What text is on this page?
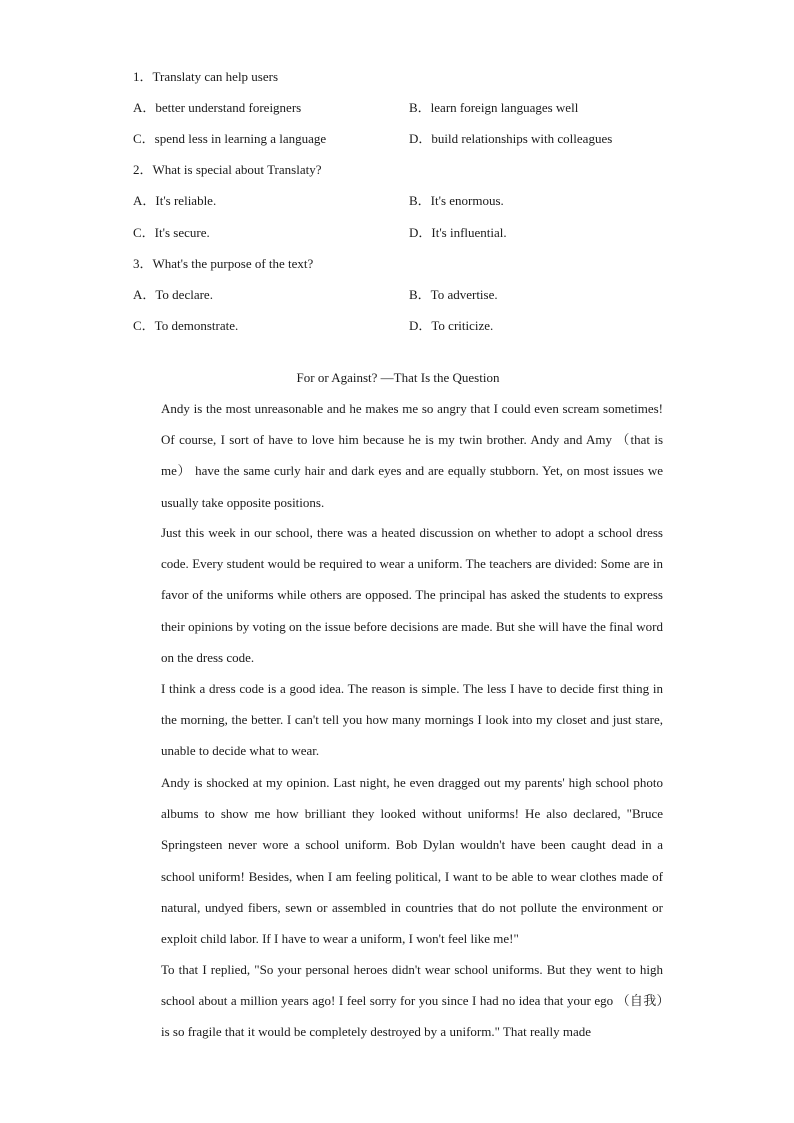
1．Translaty can help users
A．better understand foreigners	B．learn foreign languages well
C．spend less in learning a language	D．build relationships with colleagues
2．What is special about Translaty?
A．It's reliable.	B．It's enormous.
C．It's secure.	D．It's influential.
3．What's the purpose of the text?
A．To declare.	B．To advertise.
C．To demonstrate.	D．To criticize.
For or Against? —That Is the Question
Andy is the most unreasonable and he makes me so angry that I could even scream sometimes! Of course, I sort of have to love him because he is my twin brother. Andy and Amy （that is me） have the same curly hair and dark eyes and are equally stubborn. Yet, on most issues we usually take opposite positions.
Just this week in our school, there was a heated discussion on whether to adopt a school dress code. Every student would be required to wear a uniform. The teachers are divided: Some are in favor of the uniforms while others are opposed. The principal has asked the students to express their opinions by voting on the issue before decisions are made. But she will have the final word on the dress code.
I think a dress code is a good idea. The reason is simple. The less I have to decide first thing in the morning, the better. I can't tell you how many mornings I look into my closet and just stare, unable to decide what to wear.
Andy is shocked at my opinion. Last night, he even dragged out my parents' high school photo albums to show me how brilliant they looked without uniforms! He also declared, "Bruce Springsteen never wore a school uniform. Bob Dylan wouldn't have been caught dead in a school uniform! Besides, when I am feeling political, I want to be able to wear clothes made of natural, undyed fibers, sewn or assembled in countries that do not pollute the environment or exploit child labor. If I have to wear a uniform, I won't feel like me!"
To that I replied, "So your personal heroes didn't wear school uniforms. But they went to high school about a million years ago! I feel sorry for you since I had no idea that your ego （自我）is so fragile that it would be completely destroyed by a uniform." That really made
